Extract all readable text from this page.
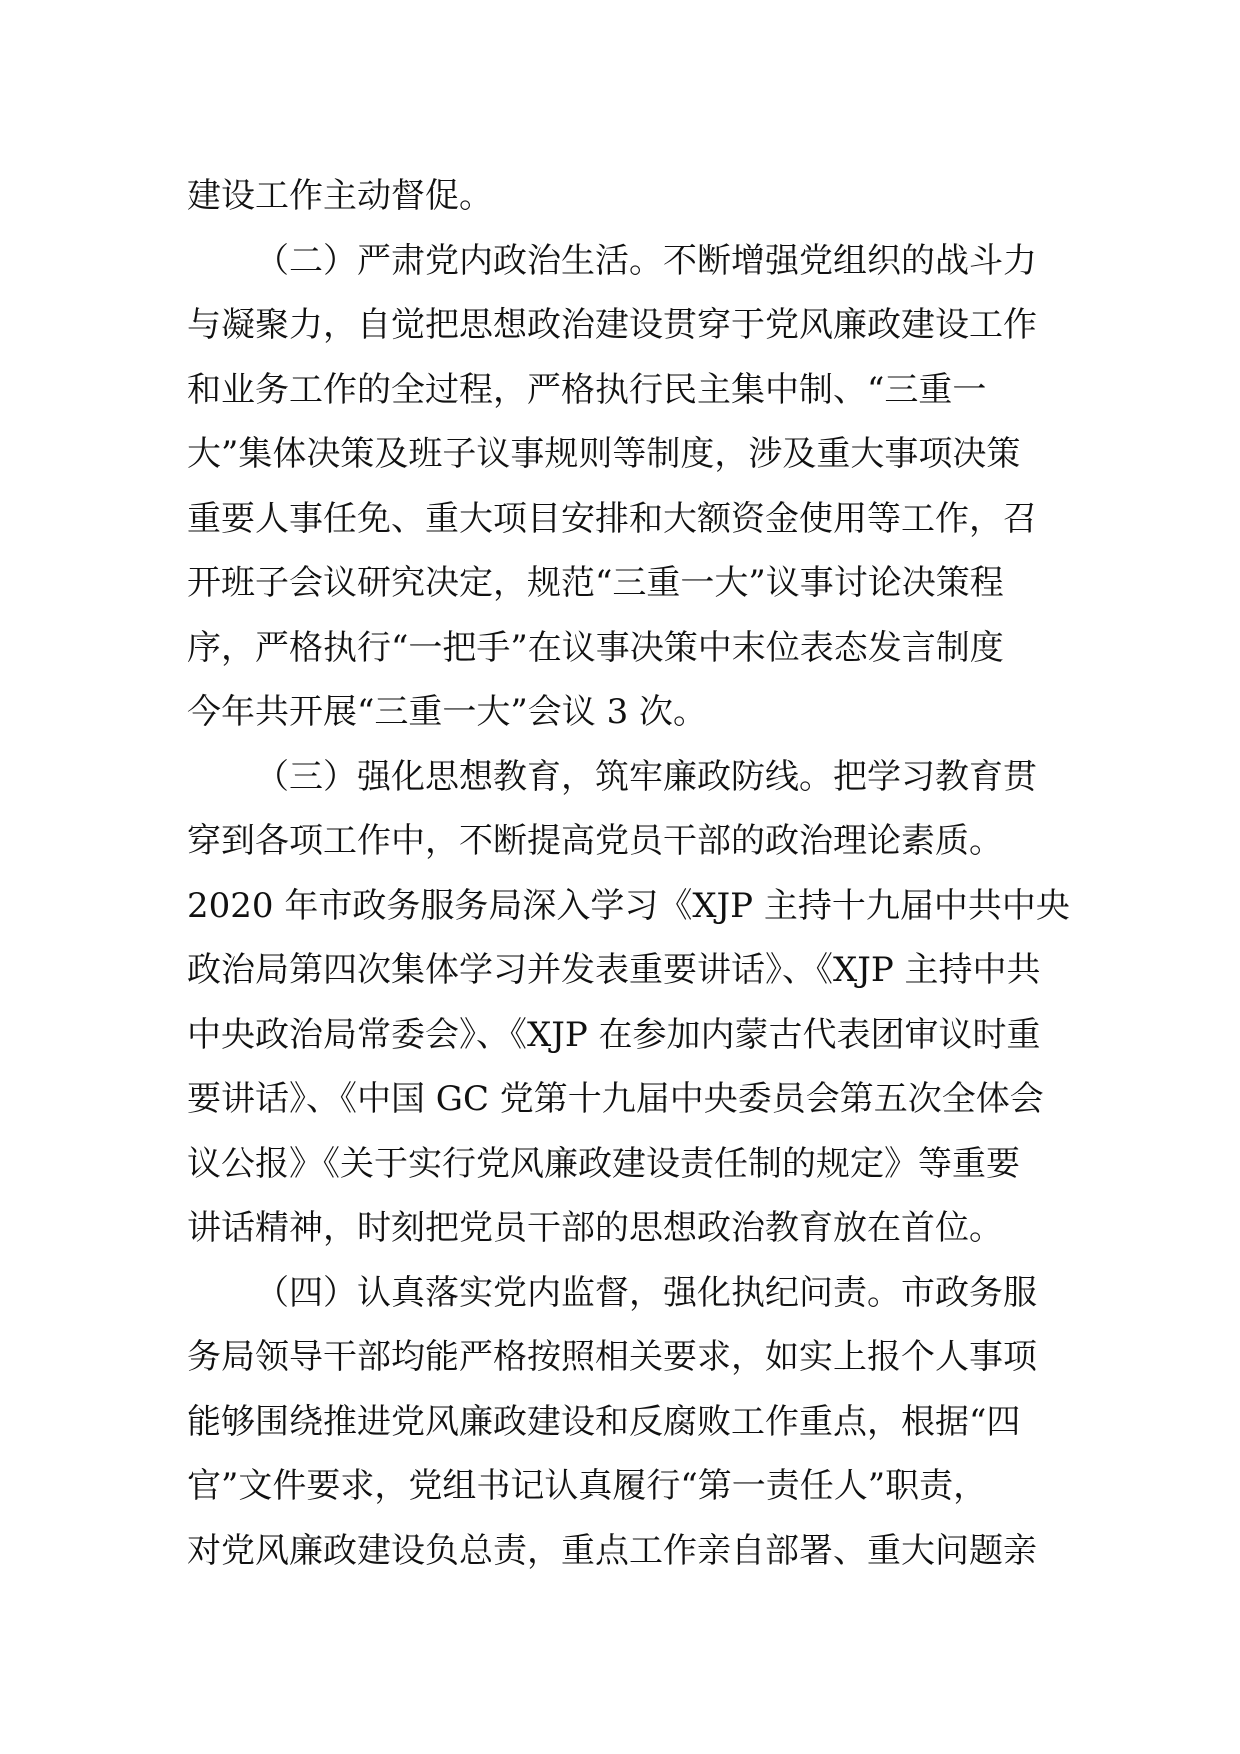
建设工作主动督促。
（二）严肃党内政治生活。不断增强党组织的战斗力
与凝聚力，自觉把思想政治建设贯穿于党风廉政建设工作
和业务工作的全过程，严格执行民主集中制、“三重一
大”集体决策及班子议事规则等制度，涉及重大事项决策
重要人事任免、重大项目安排和大额资金使用等工作，召
开班子会议研究决定，规范“三重一大”议事讨论决策程
序，严格执行“一把手”在议事决策中末位表态发言制度
今年共开展“三重一大”会议 3 次。
（三）强化思想教育，筑牢廉政防线。把学习教育贯
穿到各项工作中，不断提高党员干部的政治理论素质。
2020 年市政务服务局深入学习《XJP 主持十九届中共中央
政治局第四次集体学习并发表重要讲话》、《XJP 主持中共
中央政治局常委会》、《XJP 在参加内蒙古代表团审议时重
要讲话》、《中国 GC 党第十九届中央委员会第五次全体会
议公报》《关于实行党风廉政建设责任制的规定》等重要
讲话精神，时刻把党员干部的思想政治教育放在首位。
（四）认真落实党内监督，强化执纪问责。市政务服
务局领导干部均能严格按照相关要求，如实上报个人事项
能够围绕推进党风廉政建设和反腐败工作重点，根据“四
官”文件要求，党组书记认真履行“第一责任人”职责，
对党风廉政建设负总责，重点工作亲自部署、重大问题亲
